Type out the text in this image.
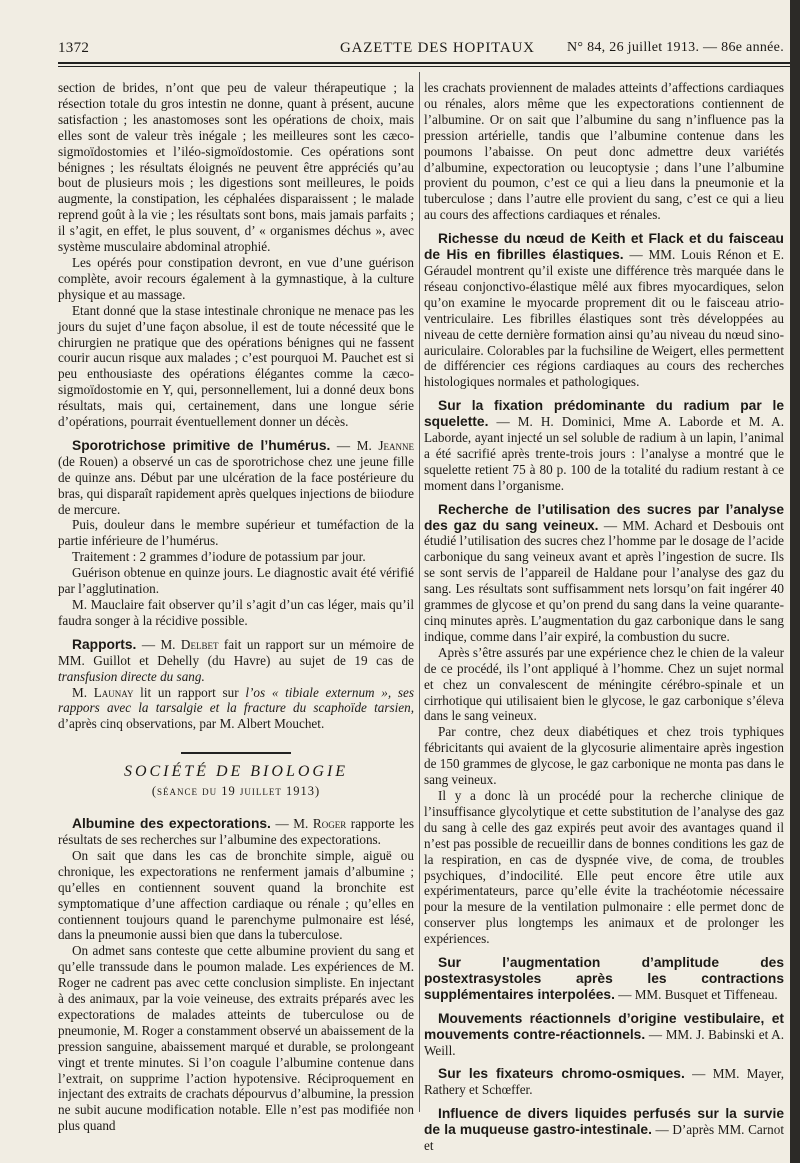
1372	GAZETTE DES HOPITAUX N° 84, 26 juillet 1913. — 86e année.

section de brides, n’ont que peu de valeur thérapeutique ; la résection totale du gros intestin ne donne, quant à présent, aucune satisfaction ; les anastomoses sont les opérations de choix, mais elles sont de valeur très inégale ; les meilleures sont les cæco-sigmoïdostomies et l’iléo-sigmoïdostomie. Ces opérations sont bénignes ; les résultats éloignés ne peuvent être appréciés qu’au bout de plusieurs mois ; les digestions sont meilleures, le poids augmente, la constipation, les céphalées disparaissent ; le malade reprend goût à la vie ; les résultats sont bons, mais jamais parfaits ; il s’agit, en effet, le plus souvent, d’ « organismes déchus », avec système musculaire abdominal atrophié.

Les opérés pour constipation devront, en vue d’une guérison complète, avoir recours également à la gymnastique, à la culture physique et au massage.

Etant donné que la stase intestinale chronique ne menace pas les jours du sujet d’une façon absolue, il est de toute nécessité que le chirurgien ne pratique que des opérations bénignes qui ne fassent courir aucun risque aux malades ; c’est pourquoi M. Pauchet est si peu enthousiaste des opérations élégantes comme la cæco-sigmoïdostomie en Y, qui, personnellement, lui a donné deux bons résultats, mais qui, certainement, dans une longue série d’opérations, pourrait éventuellement donner un décès.

Sporotrichose primitive de l’humérus. — M. Jeanne (de Rouen) a observé un cas de sporotrichose chez une jeune fille de quinze ans. Début par une ulcération de la face postérieure du bras, qui disparaît rapidement après quelques injections de biiodure de mercure.

Puis, douleur dans le membre supérieur et tuméfaction de la partie inférieure de l’humérus.

Traitement : 2 grammes d’iodure de potassium par jour.

Guérison obtenue en quinze jours. Le diagnostic avait été vérifié par l’agglutination.

M. Mauclaire fait observer qu’il s’agit d’un cas léger, mais qu’il faudra songer à la récidive possible.

Rapports. — M. Delbet fait un rapport sur un mémoire de MM. Guillot et Dehelly (du Havre) au sujet de 19 cas de transfusion directe du sang.

M. Launay lit un rapport sur l’os « tibiale externum », ses rappors avec la tarsalgie et la fracture du scaphoïde tarsien, d’après cinq observations, par M. Albert Mouchet.

SOCIÉTÉ DE BIOLOGIE
(séance du 19 juillet 1913)

Albumine des expectorations. — M. Roger rapporte les résultats de ses recherches sur l’albumine des expectorations.

On sait que dans les cas de bronchite simple, aiguë ou chronique, les expectorations ne renferment jamais d’albumine ; qu’elles en contiennent souvent quand la bronchite est symptomatique d’une affection cardiaque ou rénale ; qu’elles en contiennent toujours quand le parenchyme pulmonaire est lésé, dans la pneumonie aussi bien que dans la tuberculose.

On admet sans conteste que cette albumine provient du sang et qu’elle transsude dans le poumon malade. Les expériences de M. Roger ne cadrent pas avec cette conclusion simpliste. En injectant à des animaux, par la voie veineuse, des extraits préparés avec les expectorations de malades atteints de tuberculose ou de pneumonie, M. Roger a constamment observé un abaissement de la pression sanguine, abaissement marqué et durable, se prolongeant vingt et trente minutes. Si l’on coagule l’albumine contenue dans l’extrait, on supprime l’action hypotensive. Réciproquement en injectant des extraits de crachats dépourvus d’albumine, la pression ne subit aucune modification notable. Elle n’est pas modifiée non plus quand

les crachats proviennent de malades atteints d’affections cardiaques ou rénales, alors même que les expectorations contiennent de l’albumine. Or on sait que l’albumine du sang n’influence pas la pression artérielle, tandis que l’albumine contenue dans les poumons l’abaisse. On peut donc admettre deux variétés d’albumine, expectoration ou leucoptysie ; dans l’une l’albumine provient du poumon, c’est ce qui a lieu dans la pneumonie et la tuberculose ; dans l’autre elle provient du sang, c’est ce qui a lieu au cours des affections cardiaques et rénales.

Richesse du nœud de Keith et Flack et du faisceau de His en fibrilles élastiques. — MM. Louis Rénon et E. Géraudel montrent qu’il existe une différence très marquée dans le réseau conjonctivo-élastique mêlé aux fibres myocardiques, selon qu’on examine le myocarde proprement dit ou le faisceau atrio-ventriculaire. Les fibrilles élastiques sont très développées au niveau de cette dernière formation ainsi qu’au niveau du nœud sino-auriculaire. Colorables par la fuchsiline de Weigert, elles permettent de différencier ces régions cardiaques au cours des recherches histologiques normales et pathologiques.

Sur la fixation prédominante du radium par le squelette. — M. H. Dominici, Mme A. Laborde et M. A. Laborde, ayant injecté un sel soluble de radium à un lapin, l’animal a été sacrifié après trente-trois jours : l’analyse a montré que le squelette retient 75 à 80 p. 100 de la totalité du radium restant à ce moment dans l’organisme.

Recherche de l’utilisation des sucres par l’analyse des gaz du sang veineux. — MM. Achard et Desbouis ont étudié l’utilisation des sucres chez l’homme par le dosage de l’acide carbonique du sang veineux avant et après l’ingestion de sucre. Ils se sont servis de l’appareil de Haldane pour l’analyse des gaz du sang. Les résultats sont suffisamment nets lorsqu’on fait ingérer 40 grammes de glycose et qu’on prend du sang dans la veine quarante-cinq minutes après. L’augmentation du gaz carbonique dans le sang indique, comme dans l’air expiré, la combustion du sucre.

Après s’être assurés par une expérience chez le chien de la valeur de ce procédé, ils l’ont appliqué à l’homme. Chez un sujet normal et chez un convalescent de méningite cérébro-spinale et un cirrhotique qui utilisaient bien le glycose, le gaz carbonique s’éleva dans le sang veineux.

Par contre, chez deux diabétiques et chez trois typhiques fébricitants qui avaient de la glycosurie alimentaire après ingestion de 150 grammes de glycose, le gaz carbonique ne monta pas dans le sang veineux.

Il y a donc là un procédé pour la recherche clinique de l’insuffisance glycolytique et cette substitution de l’analyse des gaz du sang à celle des gaz expirés peut avoir des avantages quand il n’est pas possible de recueillir dans de bonnes conditions les gaz de la respiration, en cas de dyspnée vive, de coma, de troubles psychiques, d’indocilité. Elle peut encore être utile aux expérimentateurs, parce qu’elle évite la trachéotomie nécessaire pour la mesure de la ventilation pulmonaire : elle permet donc de conserver plus longtemps les animaux et de prolonger les expériences.

Sur l’augmentation d’amplitude des postextrasystoles après les contractions supplémentaires interpolées. — MM. Busquet et Tiffeneau.

Mouvements réactionnels d’origine vestibulaire, et mouvements contre-réactionnels. — MM. J. Babinski et A. Weill.

Sur les fixateurs chromo-osmiques. — MM. Mayer, Rathery et Schœffer.

Influence de divers liquides perfusés sur la survie de la muqueuse gastro-intestinale. — D’après MM. Carnot et
